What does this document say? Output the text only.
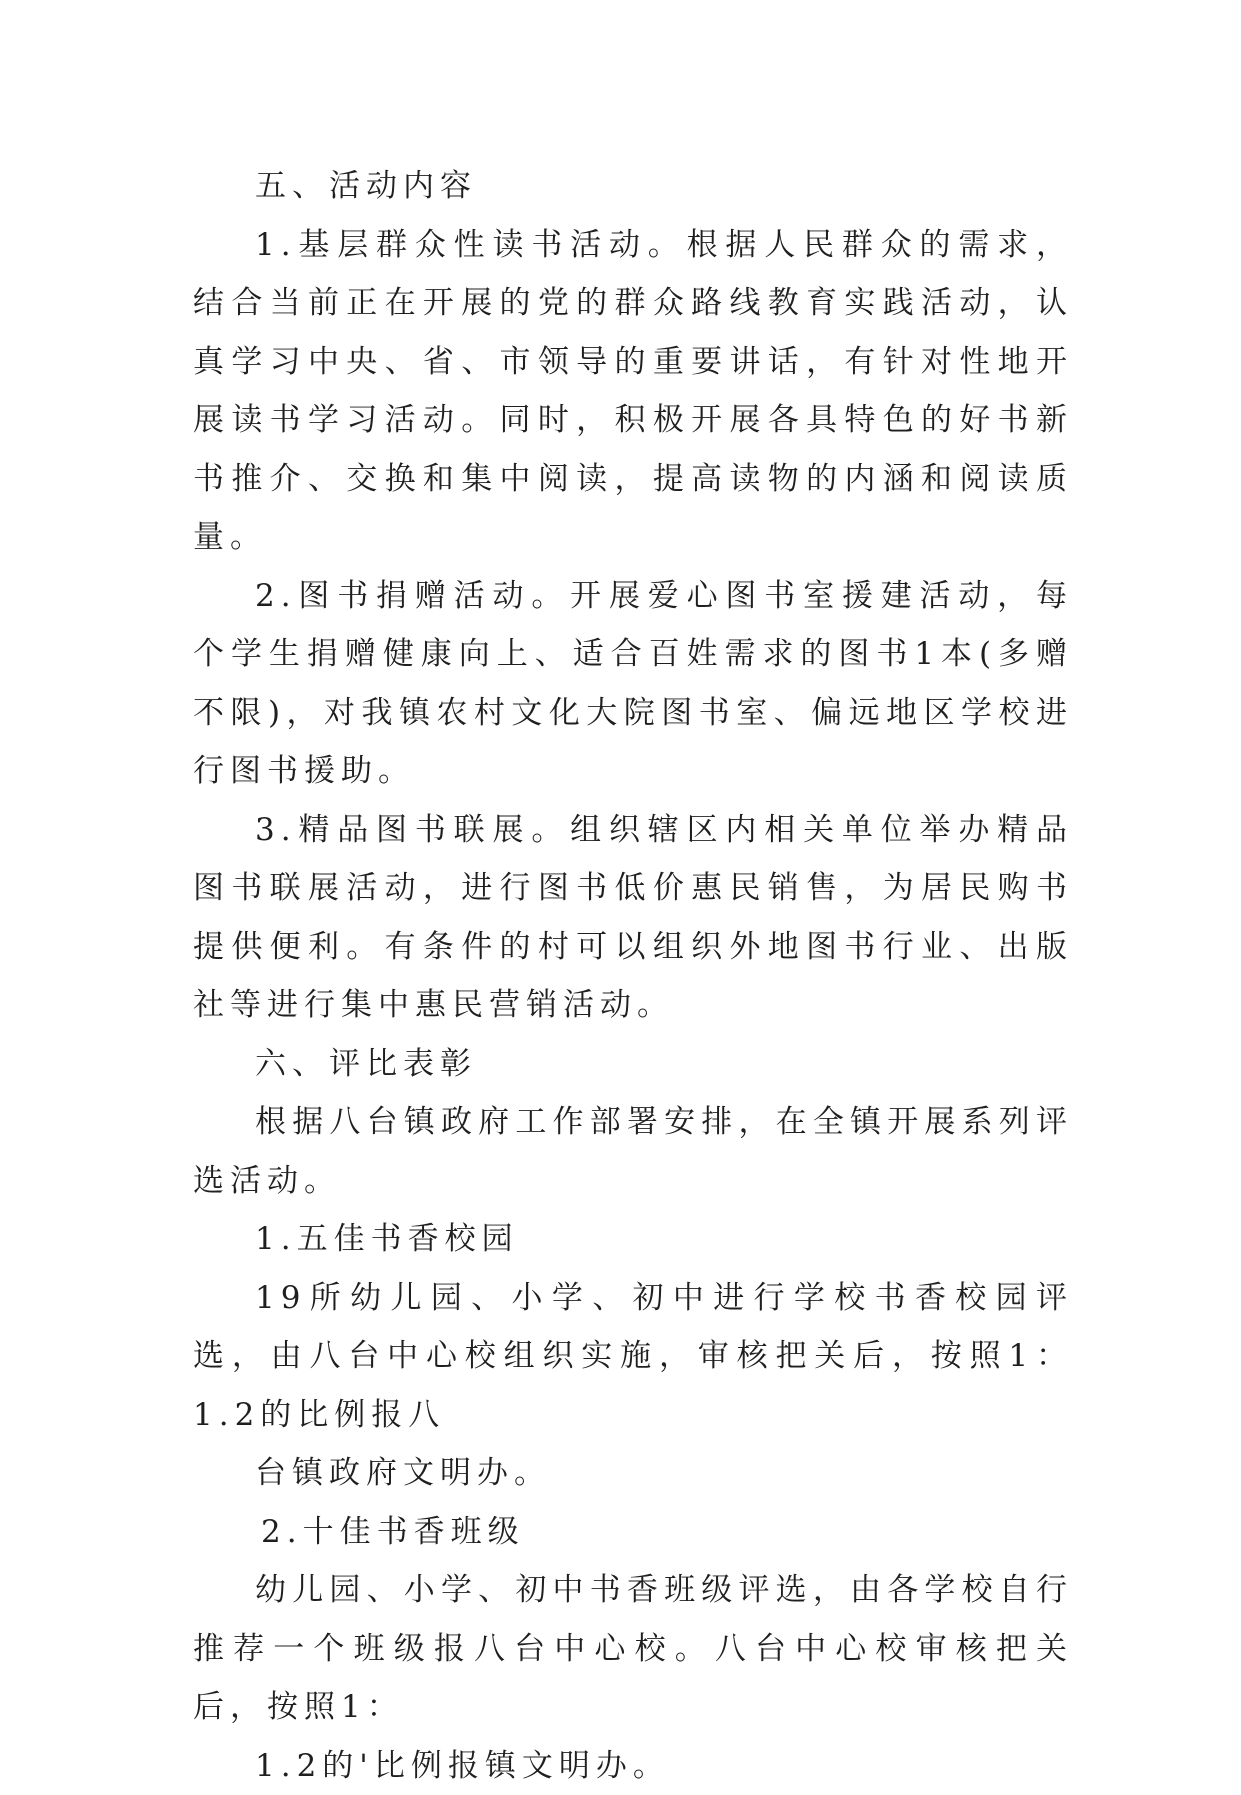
五、活动内容

1.基层群众性读书活动。根据人民群众的需求，结合当前正在开展的党的群众路线教育实践活动，认真学习中央、省、市领导的重要讲话，有针对性地开展读书学习活动。同时，积极开展各具特色的好书新书推介、交换和集中阅读，提高读物的内涵和阅读质量。

2.图书捐赠活动。开展爱心图书室援建活动，每个学生捐赠健康向上、适合百姓需求的图书1本(多赠不限)，对我镇农村文化大院图书室、偏远地区学校进行图书援助。

3.精品图书联展。组织辖区内相关单位举办精品图书联展活动，进行图书低价惠民销售，为居民购书提供便利。有条件的村可以组织外地图书行业、出版社等进行集中惠民营销活动。

六、评比表彰

根据八台镇政府工作部署安排，在全镇开展系列评选活动。

1.五佳书香校园

19所幼儿园、小学、初中进行学校书香校园评选，由八台中心校组织实施，审核把关后，按照1：1.2的比例报八

台镇政府文明办。

2.十佳书香班级

幼儿园、小学、初中书香班级评选，由各学校自行推荐一个班级报八台中心校。八台中心校审核把关后，按照1：

1.2的'比例报镇文明办。
